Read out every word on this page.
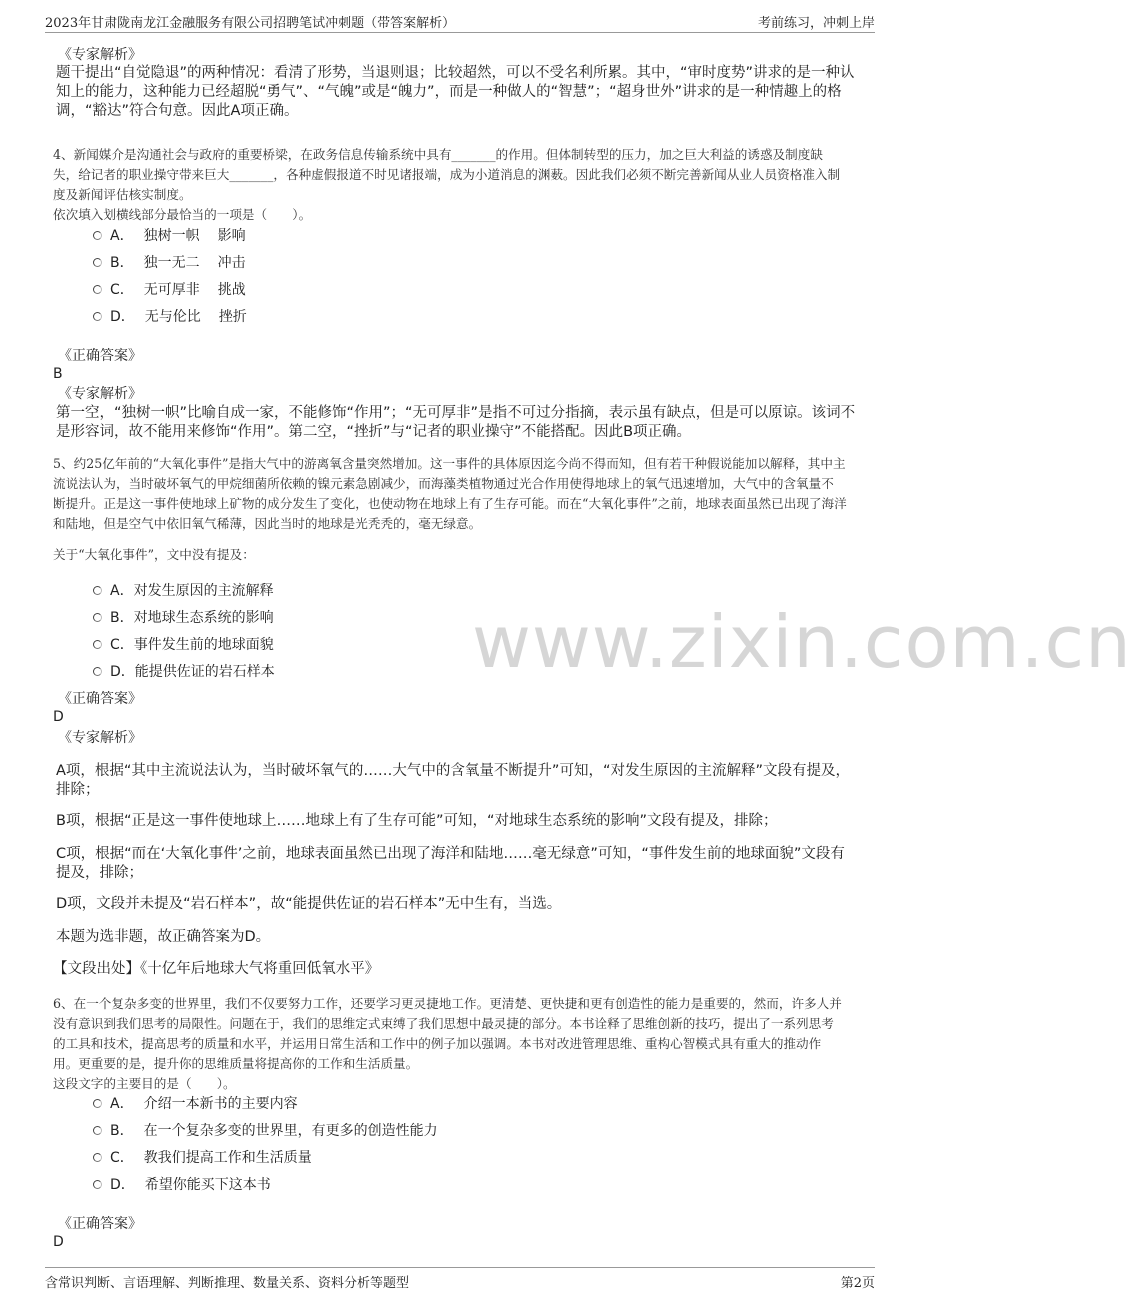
2023年甘肃陇南龙江金融服务有限公司招聘笔试冲刺题（带答案解析）	考前练习，冲刺上岸
www.zixin.com.cn
《专家解析》
题干提出“自觉隐退”的两种情况：看清了形势，当退则退；比较超然，可以不受名利所累。其中，“审时度势”讲求的是一种认
知上的能力，这种能力已经超脱“勇气”、“气魄”或是“魄力”，而是一种做人的“智慧”；“超身世外”讲求的是一种情趣上的格
调，“豁达”符合句意。因此A项正确。
4、新闻媒介是沟通社会与政府的重要桥梁，在政务信息传输系统中具有_______的作用。但体制转型的压力，加之巨大利益的诱惑及制度缺
失，给记者的职业操守带来巨大_______，各种虚假报道不时见诸报端，成为小道消息的渊薮。因此我们必须不断完善新闻从业人员资格准入制
度及新闻评估核实制度。
依次填入划横线部分最恰当的一项是（　　）。
A． 独树一帜 影响
B． 独一无二 冲击
C． 无可厚非 挑战
D． 无与伦比 挫折
《正确答案》
B
《专家解析》
第一空，“独树一帜”比喻自成一家，不能修饰“作用”；“无可厚非”是指不可过分指摘，表示虽有缺点，但是可以原谅。该词不
是形容词，故不能用来修饰“作用”。第二空，“挫折”与“记者的职业操守”不能搭配。因此B项正确。
5、约25亿年前的“大氧化事件”是指大气中的游离氧含量突然增加。这一事件的具体原因迄今尚不得而知，但有若干种假说能加以解释，其中主
流说法认为，当时破坏氧气的甲烷细菌所依赖的镍元素急剧减少，而海藻类植物通过光合作用使得地球上的氧气迅速增加，大气中的含氧量不
断提升。正是这一事件使地球上矿物的成分发生了变化，也使动物在地球上有了生存可能。而在“大氧化事件”之前，地球表面虽然已出现了海洋
和陆地，但是空气中依旧氧气稀薄，因此当时的地球是光秃秃的，毫无绿意。
关于“大氧化事件”，文中没有提及：
A．对发生原因的主流解释
B．对地球生态系统的影响
C．事件发生前的地球面貌
D．能提供佐证的岩石样本
《正确答案》
D
《专家解析》
A项，根据“其中主流说法认为，当时破坏氧气的……大气中的含氧量不断提升”可知，“对发生原因的主流解释”文段有提及，
排除；
B项，根据“正是这一事件使地球上……地球上有了生存可能”可知，“对地球生态系统的影响”文段有提及，排除；
C项，根据“而在‘大氧化事件’之前，地球表面虽然已出现了海洋和陆地……毫无绿意”可知，“事件发生前的地球面貌”文段有
提及，排除；
D项，文段并未提及“岩石样本”，故“能提供佐证的岩石样本”无中生有，当选。
本题为选非题，故正确答案为D。
【文段出处】《十亿年后地球大气将重回低氧水平》
6、在一个复杂多变的世界里，我们不仅要努力工作，还要学习更灵捷地工作。更清楚、更快捷和更有创造性的能力是重要的，然而，许多人并
没有意识到我们思考的局限性。问题在于，我们的思维定式束缚了我们思想中最灵捷的部分。本书诠释了思维创新的技巧，提出了一系列思考
的工具和技术，提高思考的质量和水平，并运用日常生活和工作中的例子加以强调。本书对改进管理思维、重构心智模式具有重大的推动作
用。更重要的是，提升你的思维质量将提高你的工作和生活质量。
这段文字的主要目的是（　　）。
A． 介绍一本新书的主要内容
B． 在一个复杂多变的世界里，有更多的创造性能力
C． 教我们提高工作和生活质量
D． 希望你能买下这本书
《正确答案》
D
含常识判断、言语理解、判断推理、数量关系、资料分析等题型	第2页
